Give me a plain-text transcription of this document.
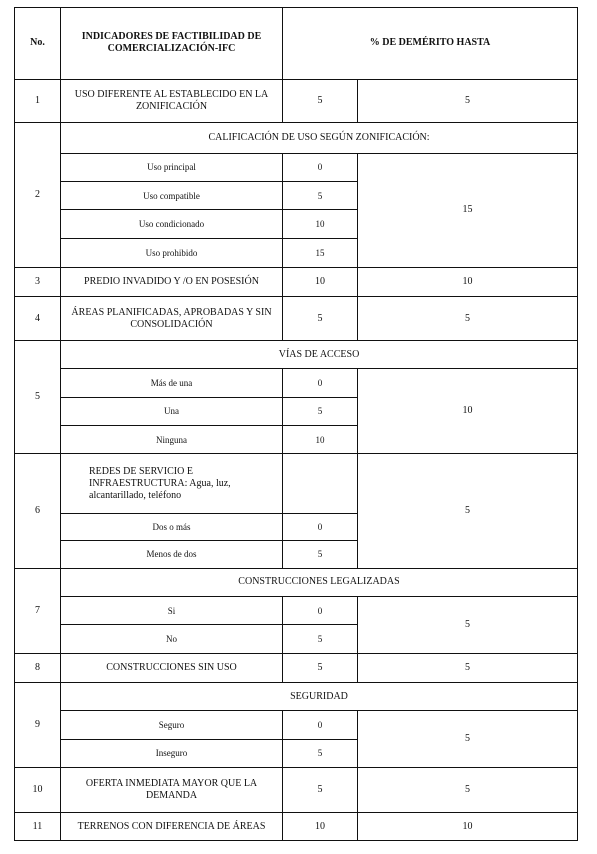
No.	INDICADORES DE FACTIBILIDAD DE COMERCIALIZACIÓN-IFC	% DE DEMÉRITO HASTA	
1	USO DIFERENTE AL ESTABLECIDO EN LA ZONIFICACIÓN	5	5
2	CALIFICACIÓN DE USO SEGÚN ZONIFICACIÓN:		
	Uso principal	0	15
	Uso compatible	5	
	Uso condicionado	10	
	Uso prohibido	15	
3	PREDIO INVADIDO Y /O EN POSESIÓN	10	10
4	ÁREAS PLANIFICADAS, APROBADAS Y SIN CONSOLIDACIÓN	5	5
5	VÍAS DE ACCESO		
	Más de una	0	10
	Una	5	
	Ninguna	10	
6	REDES DE SERVICIO E INFRAESTRUCTURA: Agua, luz, alcantarillado, teléfono		5
	Dos o más	0	
	Menos de dos	5	
7	CONSTRUCCIONES LEGALIZADAS		
	Si	0	5
	No	5	
8	CONSTRUCCIONES SIN USO	5	5
9	SEGURIDAD		
	Seguro	0	5
	Inseguro	5	
10	OFERTA INMEDIATA MAYOR QUE LA DEMANDA	5	5
11	TERRENOS CON DIFERENCIA DE ÁREAS	10	10
